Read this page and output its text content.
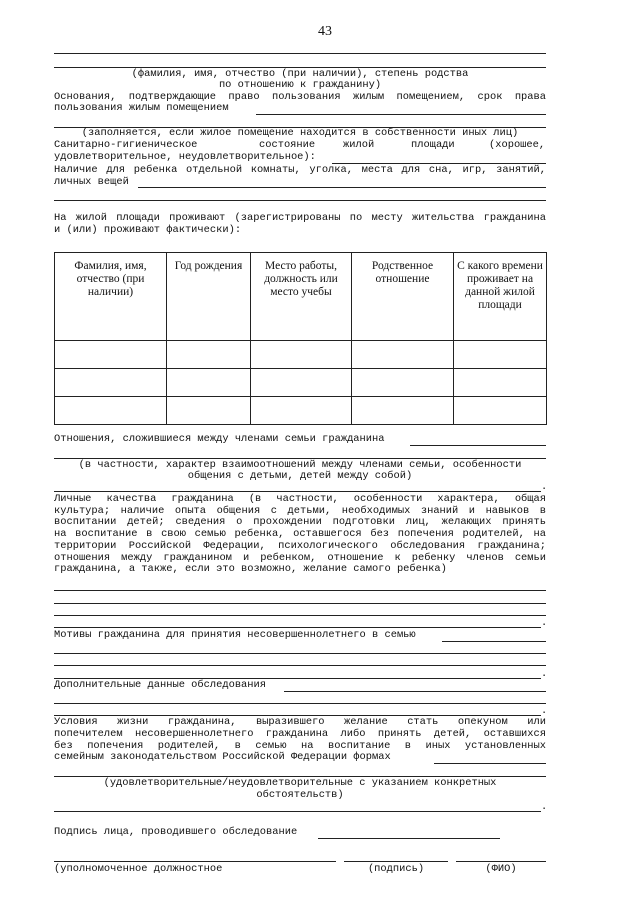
43
(фамилия, имя, отчество (при наличии), степень родства
по отношению к гражданину)
Основания, подтверждающие право пользования жилым помещением, срок права
пользования жилым помещением
(заполняется, если жилое помещение находится в собственности иных лиц)
Санитарно-гигиеническое	состояние	жилой	площади	(хорошее,
удовлетворительное, неудовлетворительное):
Наличие для ребенка отдельной комнаты, уголка, места для сна, игр, занятий,
личных вещей
На жилой площади проживают (зарегистрированы по месту жительства гражданина
и (или) проживают фактически):
Фамилия, имя, отчество (при наличии)	Год рождения	Место работы, должность или место учебы	Родственное отношение	С какого времени проживает на данной жилой площади

Отношения, сложившиеся между членами семьи гражданина
(в частности, характер взаимоотношений между членами семьи, особенности
общения с детьми, детей между собой)
.
Личные качества гражданина (в частности, особенности характера, общая
культура; наличие опыта общения с детьми, необходимых знаний и навыков в
воспитании детей; сведения о прохождении подготовки лиц, желающих принять
на воспитание в свою семью ребенка, оставшегося без попечения родителей, на
территории Российской Федерации, психологического обследования гражданина;
отношения между гражданином и ребенком, отношение к ребенку членов семьи
гражданина, а также, если это возможно, желание самого ребенка)
.
Мотивы гражданина для принятия несовершеннолетнего в семью
.
Дополнительные данные обследования
.
Условия жизни гражданина, выразившего желание стать опекуном или
попечителем несовершеннолетнего гражданина либо принять детей, оставшихся
без попечения родителей, в семью на воспитание в иных установленных
семейным законодательством Российской Федерации формах
(удовлетворительные/неудовлетворительные с указанием конкретных
обстоятельств)
.
Подпись лица, проводившего обследование
(уполномоченное должностное	(подпись)	(ФИО)
